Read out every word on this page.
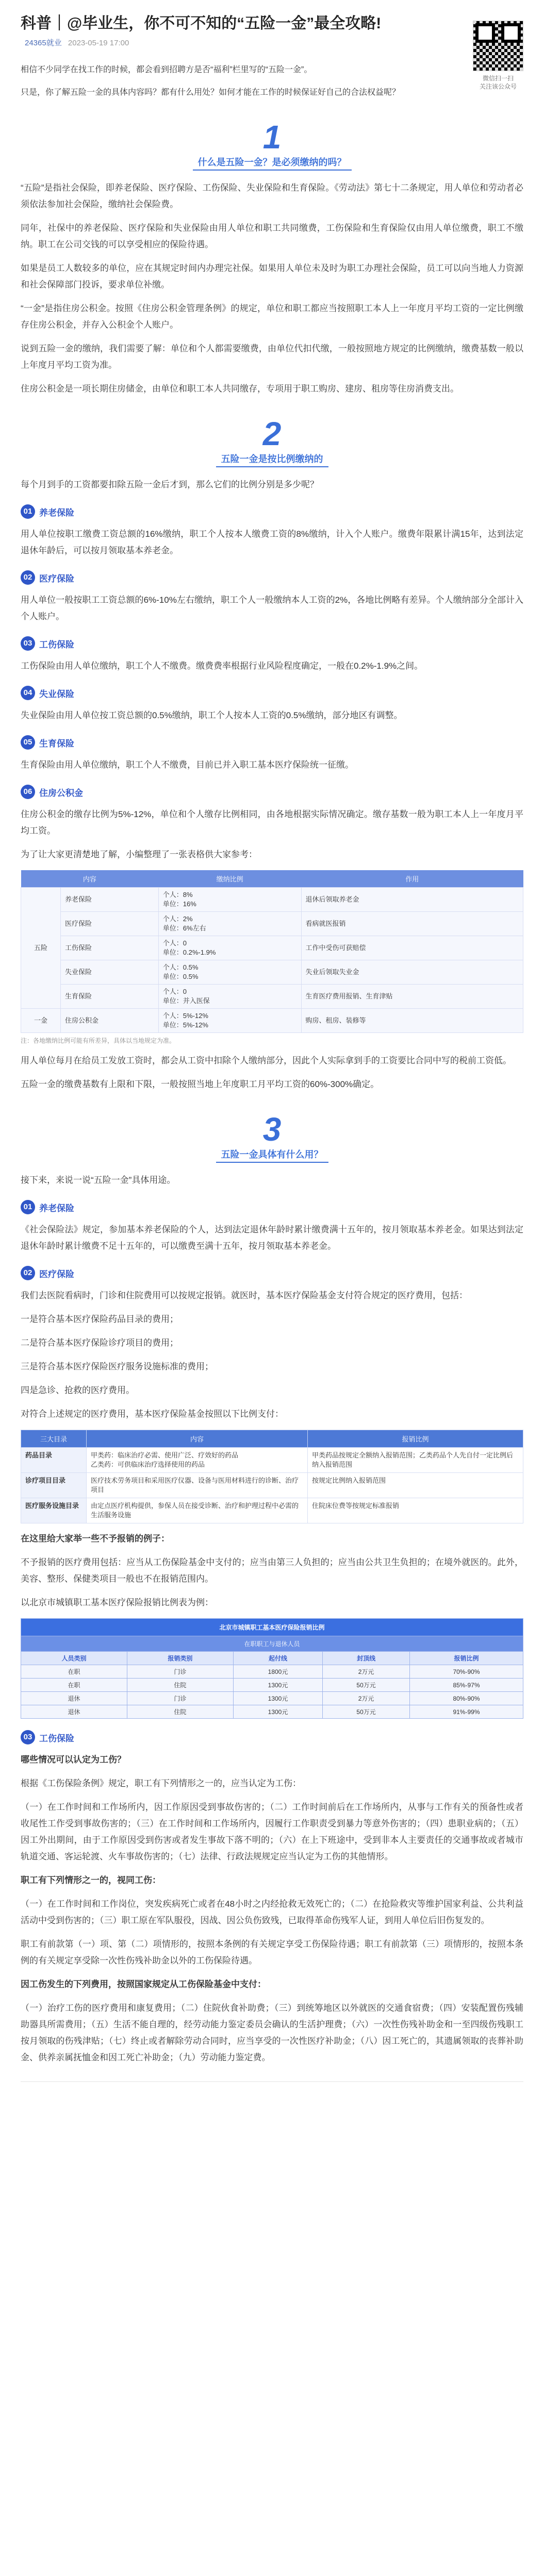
科普｜@毕业生，你不可不知的“五险一金”最全攻略!
24365就业 2023-05-19 17:00
微信扫一扫
关注该公众号

相信不少同学在找工作的时候，都会看到招聘方是否“福利”栏里写的“五险一金”。

只是，你了解五险一金的具体内容吗？都有什么用处？如何才能在工作的时候保证好自己的合法权益呢？

1
什么是五险一金？是必须缴纳的吗？

“五险”是指社会保险，即养老保险、医疗保险、工伤保险、失业保险和生育保险。《劳动法》第七十二条规定，用人单位和劳动者必须依法参加社会保险，缴纳社会保险费。

同年，社保中的养老保险、医疗保险和失业保险由用人单位和职工共同缴费，工伤保险和生育保险仅由用人单位缴费，职工不缴纳。职工在公司交钱的可以享受相应的保险待遇。

如果是员工人数较多的单位，应在其规定时间内办理完社保。如果用人单位未及时为职工办理社会保险，员工可以向当地人力资源和社会保障部门投诉，要求单位补缴。

“一金”是指住房公积金。按照《住房公积金管理条例》的规定，单位和职工都应当按照职工本人上一年度月平均工资的一定比例缴存住房公积金，并存入公积金个人账户。

说到五险一金的缴纳，我们需要了解：单位和个人都需要缴费，由单位代扣代缴，一般按照地方规定的比例缴纳，缴费基数一般以上年度月平均工资为准。

住房公积金是一项长期住房储金，由单位和职工本人共同缴存，专项用于职工购房、建房、租房等住房消费支出。

2
五险一金是按比例缴纳的

每个月到手的工资都要扣除五险一金后才到，那么它们的比例分别是多少呢？

01 养老保险

用人单位按职工缴费工资总额的16%缴纳，职工个人按本人缴费工资的8%缴纳，计入个人账户。缴费年限累计满15年，达到法定退休年龄后，可以按月领取基本养老金。

02 医疗保险

用人单位一般按职工工资总额的6%-10%左右缴纳，职工个人一般缴纳本人工资的2%，各地比例略有差异。个人缴纳部分全部计入个人账户。

03 工伤保险

工伤保险由用人单位缴纳，职工个人不缴费。缴费费率根据行业风险程度确定，一般在0.2%-1.9%之间。

04 失业保险

失业保险由用人单位按工资总额的0.5%缴纳，职工个人按本人工资的0.5%缴纳，部分地区有调整。

05 生育保险

生育保险由用人单位缴纳，职工个人不缴费，目前已并入职工基本医疗保险统一征缴。

06 住房公积金

住房公积金的缴存比例为5%-12%，单位和个人缴存比例相同，由各地根据实际情况确定。缴存基数一般为职工本人上一年度月平均工资。

为了让大家更清楚地了解，小编整理了一张表格供大家参考：

内容		缴纳比例	作用
五险	养老保险	个人：8%
单位：16%	退休后领取养老金
	医疗保险	个人：2%
单位：6%左右	看病就医报销
	工伤保险	个人：0
单位：0.2%-1.9%	工作中受伤可获赔偿
	失业保险	个人：0.5%
单位：0.5%	失业后领取失业金
	生育保险	个人：0
单位：并入医保	生育医疗费用报销、生育津贴
一金	住房公积金	个人：5%-12%
单位：5%-12%	购房、租房、装修等
注：各地缴纳比例可能有所差异，具体以当地规定为准。

用人单位每月在给员工发放工资时，都会从工资中扣除个人缴纳部分，因此个人实际拿到手的工资要比合同中写的税前工资低。

五险一金的缴费基数有上限和下限，一般按照当地上年度职工月平均工资的60%-300%确定。

3
五险一金具体有什么用？

接下来，来说一说“五险一金”具体用途。

01 养老保险

《社会保险法》规定，参加基本养老保险的个人，达到法定退休年龄时累计缴费满十五年的，按月领取基本养老金。如果达到法定退休年龄时累计缴费不足十五年的，可以缴费至满十五年，按月领取基本养老金。

02 医疗保险

我们去医院看病时，门诊和住院费用可以按规定报销。就医时，基本医疗保险基金支付符合规定的医疗费用，包括：

一是符合基本医疗保险药品目录的费用；

二是符合基本医疗保险诊疗项目的费用；

三是符合基本医疗保险医疗服务设施标准的费用；

四是急诊、抢救的医疗费用。

对符合上述规定的医疗费用，基本医疗保险基金按照以下比例支付：

三大目录	内容	报销比例
药品目录	甲类药：临床治疗必需、使用广泛、疗效好的药品
乙类药：可供临床治疗选择使用的药品	甲类药品按规定全额纳入报销范围；乙类药品个人先自付一定比例后纳入报销范围
诊疗项目目录	医疗技术劳务项目和采用医疗仪器、设备与医用材料进行的诊断、治疗项目	按规定比例纳入报销范围
医疗服务设施目录	由定点医疗机构提供，参保人员在接受诊断、治疗和护理过程中必需的生活服务设施	住院床位费等按规定标准报销

在这里给大家举一些不予报销的例子：

不予报销的医疗费用包括：应当从工伤保险基金中支付的；应当由第三人负担的；应当由公共卫生负担的；在境外就医的。此外，美容、整形、保健类项目一般也不在报销范围内。

以北京市城镇职工基本医疗保险报销比例表为例：

北京市城镇职工基本医疗保险报销比例				
在职职工与退休人员				
人员类别	报销类别	起付线	封顶线	报销比例
在职	门诊	1800元	2万元	70%-90%
在职	住院	1300元	50万元	85%-97%
退休	门诊	1300元	2万元	80%-90%
退休	住院	1300元	50万元	91%-99%
03 工伤保险

哪些情况可以认定为工伤？

根据《工伤保险条例》规定，职工有下列情形之一的，应当认定为工伤：

（一）在工作时间和工作场所内，因工作原因受到事故伤害的；（二）工作时间前后在工作场所内，从事与工作有关的预备性或者收尾性工作受到事故伤害的；（三）在工作时间和工作场所内，因履行工作职责受到暴力等意外伤害的；（四）患职业病的；（五）因工外出期间，由于工作原因受到伤害或者发生事故下落不明的；（六）在上下班途中，受到非本人主要责任的交通事故或者城市轨道交通、客运轮渡、火车事故伤害的；（七）法律、行政法规规定应当认定为工伤的其他情形。

职工有下列情形之一的，视同工伤：

（一）在工作时间和工作岗位，突发疾病死亡或者在48小时之内经抢救无效死亡的；（二）在抢险救灾等维护国家利益、公共利益活动中受到伤害的；（三）职工原在军队服役，因战、因公负伤致残，已取得革命伤残军人证，到用人单位后旧伤复发的。

职工有前款第（一）项、第（二）项情形的，按照本条例的有关规定享受工伤保险待遇；职工有前款第（三）项情形的，按照本条例的有关规定享受除一次性伤残补助金以外的工伤保险待遇。

因工伤发生的下列费用，按照国家规定从工伤保险基金中支付：

（一）治疗工伤的医疗费用和康复费用；（二）住院伙食补助费；（三）到统筹地区以外就医的交通食宿费；（四）安装配置伤残辅助器具所需费用；（五）生活不能自理的，经劳动能力鉴定委员会确认的生活护理费；（六）一次性伤残补助金和一至四级伤残职工按月领取的伤残津贴；（七）终止或者解除劳动合同时，应当享受的一次性医疗补助金；（八）因工死亡的，其遗属领取的丧葬补助金、供养亲属抚恤金和因工死亡补助金；（九）劳动能力鉴定费。
